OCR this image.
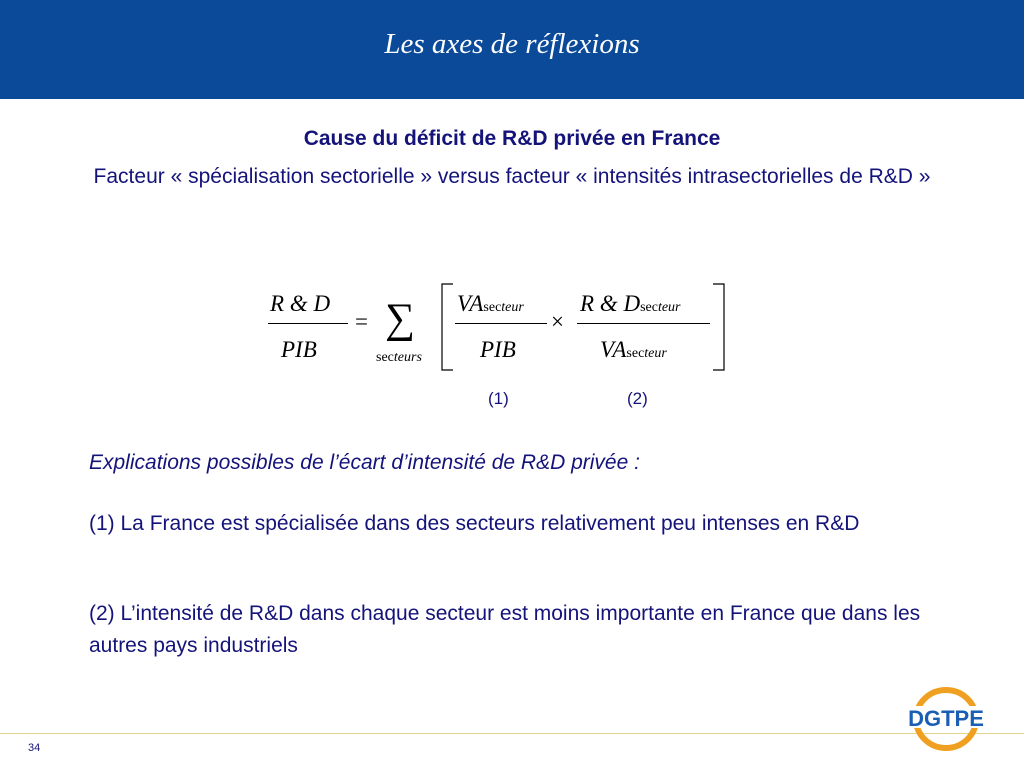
Les axes de réflexions
Cause du déficit de R&D privée en France
Facteur « spécialisation sectorielle » versus facteur « intensités intrasectorielles de R&D »
R & D
PIB
= ∑
secteurs
VAsecteur
PIB
×
R & Dsecteur
VAsecteur
(1)	(2)
Explications possibles de l’écart d’intensité de R&D privée :
(1) La France est spécialisée dans des secteurs relativement peu intenses en R&D
(2) L’intensité de R&D dans chaque secteur est moins importante en France que dans les autres pays industriels
34
DGTPE
